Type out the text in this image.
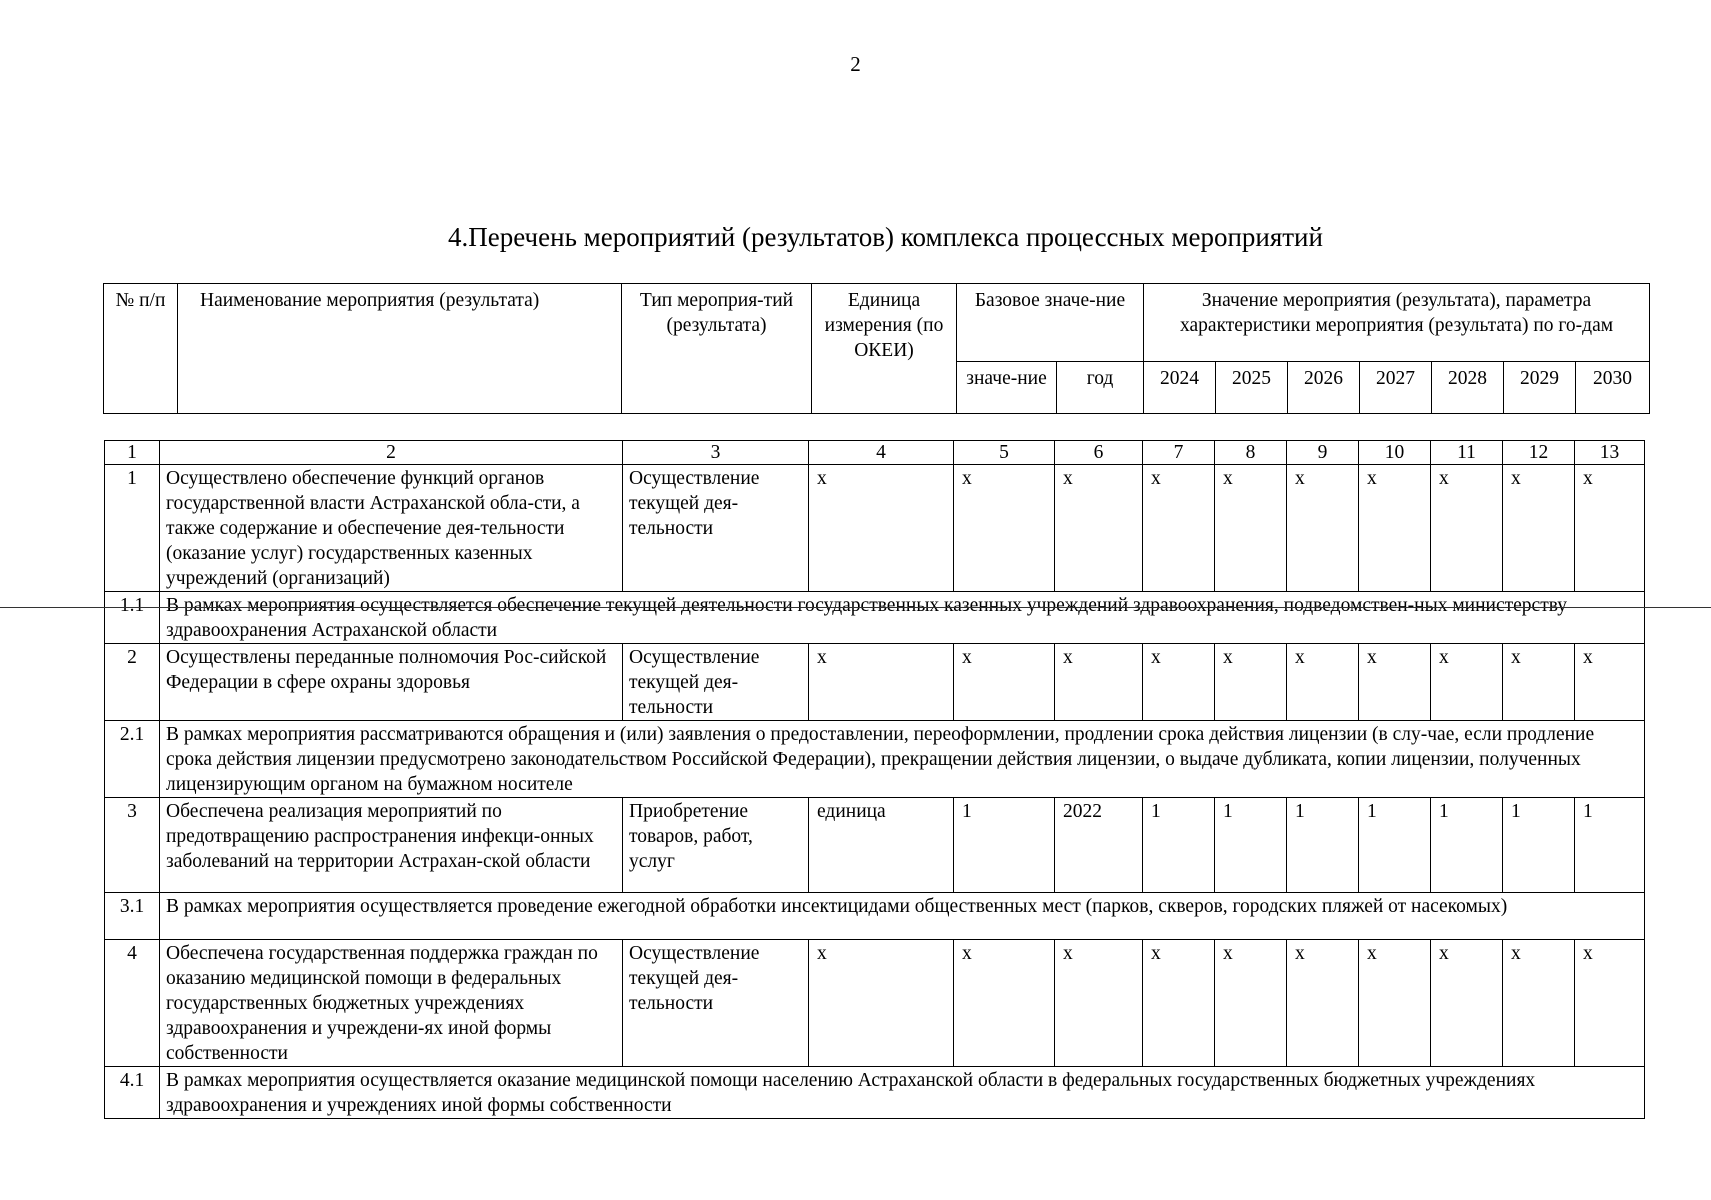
2
4.Перечень мероприятий (результатов) комплекса процессных мероприятий
№ п/п	Наименование мероприятия (результата)	Тип мероприя-тий (результата)	Единица измерения (по ОКЕИ)	Базовое значе-ние		Значение мероприятия (результата), параметра характеристики мероприятия (результата) по го-дам						
				значе-ние	год	2024	2025	2026	2027	2028	2029	2030
1	2	3	4	5	6	7	8	9	10	11	12	13
1	Осуществлено обеспечение функций органов государственной власти Астраханской обла-сти, а также содержание и обеспечение дея-тельности (оказание услуг) государственных казенных учреждений (организаций)	Осуществление текущей дея-тельности	х	х	х	х	х	х	х	х	х	х
1.1	В рамках мероприятия осуществляется обеспечение текущей деятельности государственных казенных учреждений здравоохранения, подведомствен-ных министерству здравоохранения Астраханской области											
2	Осуществлены переданные полномочия Рос-сийской Федерации в сфере охраны здоровья	Осуществление текущей дея-тельности	х	х	х	х	х	х	х	х	х	х
2.1	В рамках мероприятия рассматриваются обращения и (или) заявления о предоставлении, переоформлении, продлении срока действия лицензии (в слу-чае, если продление срока действия лицензии предусмотрено законодательством Российской Федерации), прекращении действия лицензии, о выдаче дубликата, копии лицензии, полученных лицензирующим органом на бумажном носителе											
3	Обеспечена реализация мероприятий по предотвращению распространения инфекци-онных заболеваний на территории Астрахан-ской области	Приобретение товаров, работ, услуг	единица	1	2022	1	1	1	1	1	1	1
3.1	В рамках мероприятия осуществляется проведение ежегодной обработки инсектицидами общественных мест (парков, скверов, городских пляжей от насекомых)											
4	Обеспечена государственная поддержка граждан по оказанию медицинской помощи в федеральных государственных бюджетных учреждениях здравоохранения и учреждени-ях иной формы собственности	Осуществление текущей дея-тельности	х	х	х	х	х	х	х	х	х	х
4.1	В рамках мероприятия осуществляется оказание медицинской помощи населению Астраханской области в федеральных государственных бюджетных учреждениях здравоохранения и учреждениях иной формы собственности											
